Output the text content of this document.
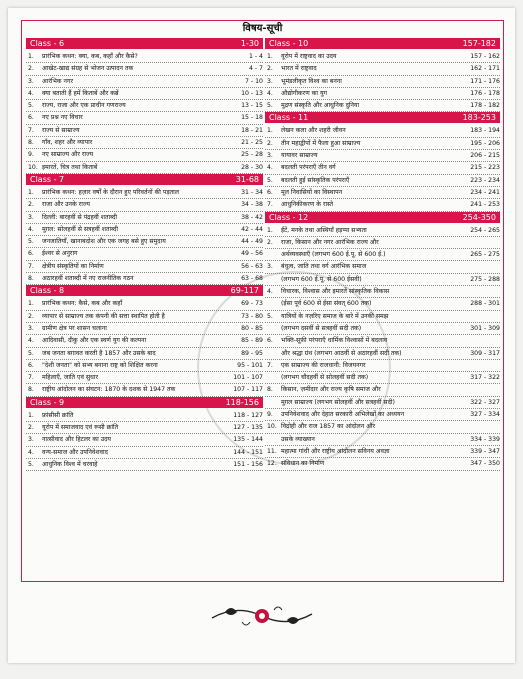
विषय-सूची
Class - 6	1-30
1.	प्रारंभिक कथन: क्या, कब, कहाँ और कैसे?	1 - 4
2.	आखेट-खाद्य संग्रह से भोजन उत्पादन तक	4 - 7
3.	आरंभिक नगर	7 - 10
4.	क्या बताती हैं हमें किताबें और कब्रें	10 - 13
5.	राज्य, राजा और एक प्राचीन गणराज्य	13 - 15
6.	नए प्रश्न नए विचार	15 - 18
7.	राज्य से साम्राज्य	18 - 21
8.	गाँव, शहर और व्यापार	21 - 25
9.	नए साम्राज्य और राज्य	25 - 28
10. इमारतें, चित्र तथा किताबें	28 - 30
Class - 7	31-68
1.	प्रारंभिक कथन: हज़ार वर्षों के दौरान हुए परिवर्तनों की पड़ताल	31 - 34
2.	राजा और उनके राज्य	34 - 38
3.	दिल्ली: बारहवीं से पंद्रहवीं शताब्दी	38 - 42
4.	मुग़ल: सोलहवीं से सत्रहवीं शताब्दी	42 - 44
5.	जनजातियाँ, खानाबदोश और एक जगह बसे हुए समुदाय	44 - 49
6.	ईश्वर से अनुराग	49 - 56
7.	क्षेत्रीय संस्कृतियों का निर्माण	56 - 63
8.	अठारहवीं शताब्दी में नए राजनीतिक गठन	63 - 68
Class - 8	69-117
1.	प्रारंभिक कथन: कैसे, कब और कहाँ	69 - 73
2.	व्यापार से साम्राज्य तक कंपनी की सत्ता स्थापित होती है	73 - 80
3.	ग्रामीण क्षेत्र पर शासन चलाना	80 - 85
4.	आदिवासी, दीकु और एक स्वर्ण युग की कल्पना	85 - 89
5.	जब जनता बग़ावत करती है 1857 और उसके बाद	89 - 95
6.	"देशी जनता" को सभ्य बनाना राष्ट्र को शिक्षित करना	95 - 101
7.	महिलाएँ, जाति एवं सुधार	101 - 107
8.	राष्ट्रीय आंदोलन का संघटन: 1870 के दशक से 1947 तक	107 - 117
Class - 9	118-156
1.	फ्रांसीसी क्रांति	118 - 127
2.	यूरोप में समाजवाद एवं रूसी क्रांति	127 - 135
3.	नात्सीवाद और हिटलर का उदय	135 - 144
4.	वन्य-समाज और उपनिवेशवाद	144 - 151
5.	आधुनिक विश्व में चरवाहे	151 - 156
Class - 10	157-182
1.	यूरोप में राष्ट्रवाद का उदय	157 - 162
2.	भारत में राष्ट्रवाद	162 - 171
3.	भूमंडलीकृत विश्व का बनना	171 - 176
4.	औद्योगीकरण का युग	176 - 178
5.	मुद्रण संस्कृति और आधुनिक दुनिया	178 - 182
Class - 11	183-253
1.	लेखन कला और शहरी जीवन	183 - 194
2.	तीन महाद्वीपों में फैला हुआ साम्राज्य	195 - 206
3.	यायावर साम्राज्य	206 - 215
4.	बदलती परंपराएँ तीन वर्ग	215 - 223
5.	बदलती हुई सांस्कृतिक परंपराएँ	223 - 234
6.	मूल निवासियों का विस्थापन	234 - 241
7.	आधुनिकीकरण के रास्ते	241 - 253
Class - 12	254-350
1.	ईंटें, मनके तथा अस्थियाँ हड़प्पा सभ्यता	254 - 265
2.	राजा, किसान और नगर आरंभिक राज्य और
अर्थव्यवस्थाएँ (लगभग 600 ई.पू. से 600 ई.)	265 - 275
3.	बंधुत्व, जाति तथा वर्ग आरंभिक समाज
(लगभग 600 ई.पू. से 600 ईसवी)	275 - 288
4.	विचारक, विश्वास और इमारतें सांस्कृतिक विकास
(ईसा पूर्व 600 से ईसा संवत् 600 तक)	288 - 301
5.	यात्रियों के नज़रिए समाज के बारे में उनकी समझ
(लगभग दसवीं से सत्रहवीं सदी तक)	301 - 309
6.	भक्ति-सूफ़ी परंपराएँ धार्मिक विश्वासों में बदलाव
और श्रद्धा ग्रंथ (लगभग आठवीं से अठारहवीं सदी तक)	309 - 317
7.	एक साम्राज्य की राजधानी: विजयनगर
(लगभग चौदहवीं से सोलहवीं सदी तक)	317 - 322
8.	किसान, ज़मींदार और राज्य कृषि समाज और
मुग़ल साम्राज्य (लगभग सोलहवीं और सत्रहवीं सदी)	322 - 327
9.	उपनिवेशवाद और देहात सरकारी अभिलेखों का अध्ययन	327 - 334
10. विद्रोही और राज 1857 का आंदोलन और
उसके व्याख्यान	334 - 339
11. महात्मा गांधी और राष्ट्रीय आंदोलन सविनय अवज्ञा	339 - 347
12. संविधान का निर्माण	347 - 350
